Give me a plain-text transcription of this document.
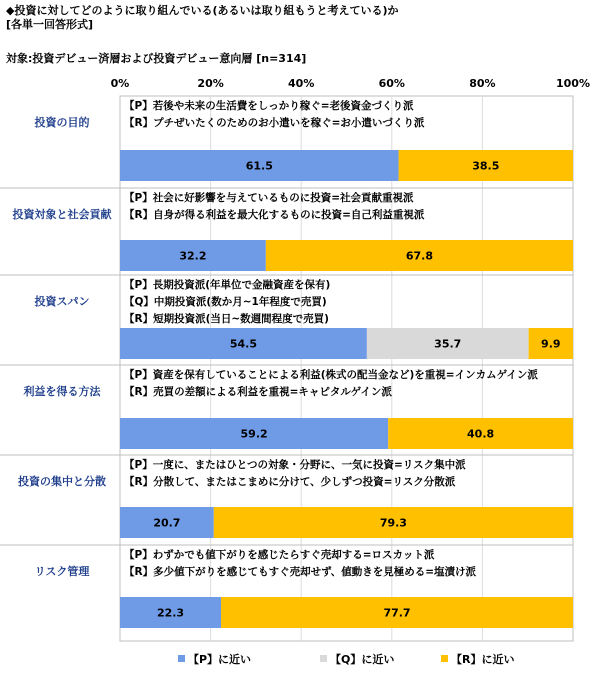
◆投資に対してどのように取り組んでいる(あるいは取り組もうと考えている)か
[各単一回答形式]
対象:投資デビュー済層および投資デビュー意向層 [n=314]
0%	20%	40%	60%	80%	100%
投資の目的
【P】若後や未来の生活費をしっかり稼ぐ=老後資金づくり派
【R】プチぜいたくのためのお小遣いを稼ぐ=お小遣いづくり派
61.5	38.5
投資対象と社会貢献
【P】社会に好影響を与えているものに投資=社会貢献重視派
【R】自身が得る利益を最大化するものに投資=自己利益重視派
32.2	67.8
投資スパン
【P】長期投資派(年単位で金融資産を保有)
【Q】中期投資派(数か月~1年程度で売買)
【R】短期投資派(当日~数週間程度で売買)
54.5	35.7	9.9
利益を得る方法
【P】資産を保有していることによる利益(株式の配当金など)を重視=インカムゲイン派
【R】売買の差額による利益を重視=キャピタルゲイン派
59.2	40.8
投資の集中と分散
【P】一度に、またはひとつの対象・分野に、一気に投資=リスク集中派
【R】分散して、またはこまめに分けて、少しずつ投資=リスク分散派
20.7	79.3
リスク管理
【P】わずかでも値下がりを感じたらすぐ売却する=ロスカット派
【R】多少値下がりを感じてもすぐ売却せず、値動きを見極める=塩漬け派
22.3	77.7
【P】に近い	【Q】に近い	【R】に近い
